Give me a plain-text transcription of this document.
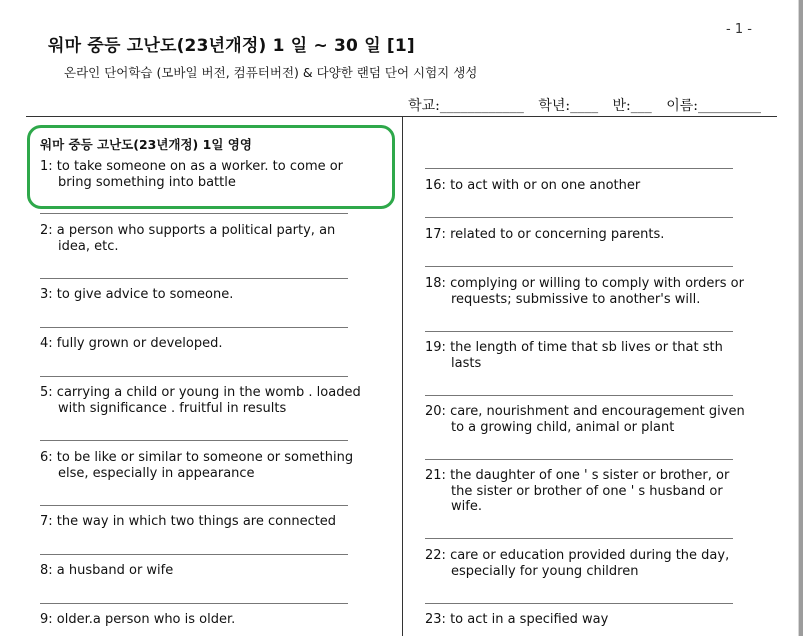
- 1 -
워마 중등 고난도(23년개정) 1 일 ~ 30 일 [1]
온라인 단어학습 (모바일 버전, 컴퓨터버전) & 다양한 랜덤 단어 시험지 생성
학교:____________ 학년:____ 반:___ 이름:_________
워마 중등 고난도(23년개정) 1일 영영
1: to take someone on as a worker. to come or
bring something into battle
2: a person who supports a political party, an
idea, etc.
3: to give advice to someone.
4: fully grown or developed.
5: carrying a child or young in the womb . loaded
with significance . fruitful in results
6: to be like or similar to someone or something
else, especially in appearance
7: the way in which two things are connected
8: a husband or wife
9: older.a person who is older.
16: to act with or on one another
17: related to or concerning parents.
18: complying or willing to comply with orders or
requests; submissive to another's will.
19: the length of time that sb lives or that sth
lasts
20: care, nourishment and encouragement given
to a growing child, animal or plant
21: the daughter of one ' s sister or brother, or
the sister or brother of one ' s husband or
wife.
22: care or education provided during the day,
especially for young children
23: to act in a specified way
